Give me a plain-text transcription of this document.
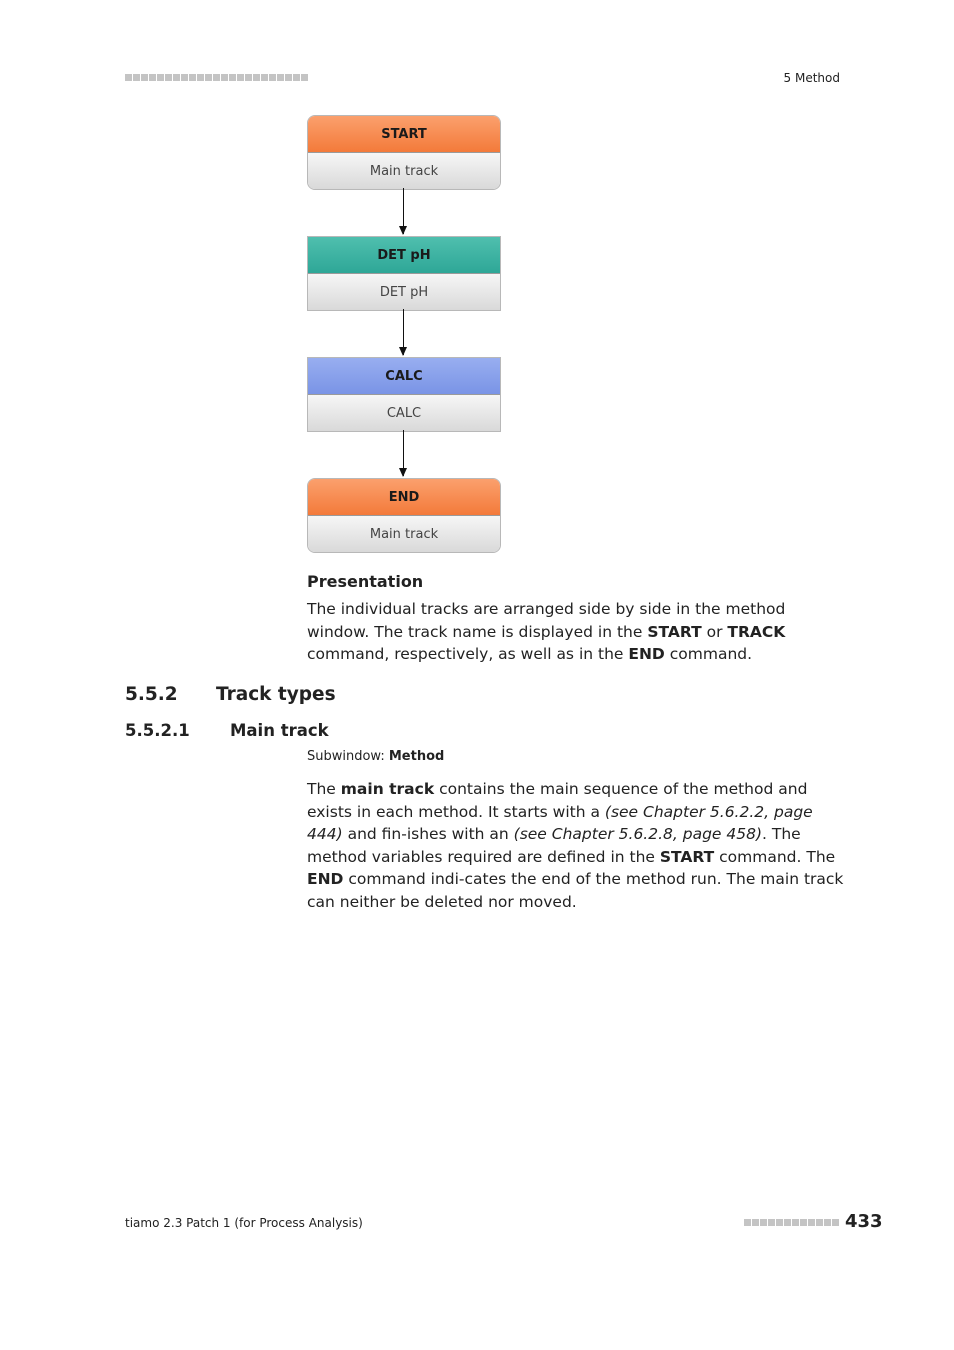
5 Method
START
Main track
DET pH
DET pH
CALC
CALC
END
Main track
Presentation
The individual tracks are arranged side by side in the method window. The track name is displayed in the START or TRACK command, respectively, as well as in the END command.
5.5.2 Track types
5.5.2.1 Main track
Subwindow: Method
The main track contains the main sequence of the method and exists in each method. It starts with a (see Chapter 5.6.2.2, page 444) and fin-ishes with an (see Chapter 5.6.2.8, page 458). The method variables required are defined in the START command. The END command indi-cates the end of the method run. The main track can neither be deleted nor moved.
tiamo 2.3 Patch 1 (for Process Analysis)	433
